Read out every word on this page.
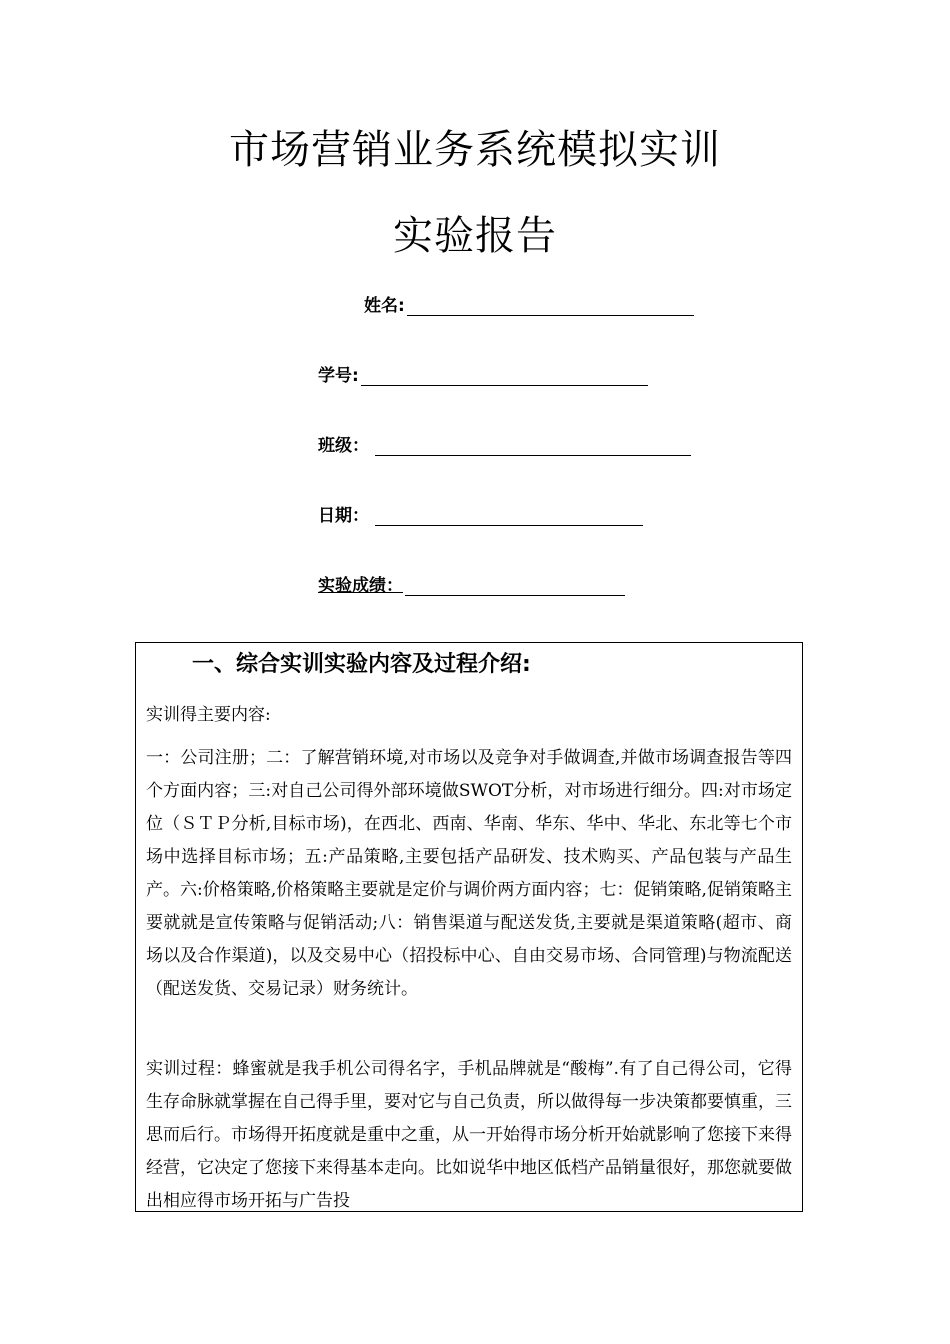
市场营销业务系统模拟实训
实验报告
姓名:
学号:
班级：
日期：
实验成绩：
一、综合实训实验内容及过程介绍:
实训得主要内容:
一：公司注册；二：了解营销环境,对市场以及竞争对手做调查,并做市场调查报告等四个方面内容；三:对自己公司得外部环境做SWOT分析，对市场进行细分。四:对市场定位（ＳＴＰ分析,目标市场)，在西北、西南、华南、华东、华中、华北、东北等七个市场中选择目标市场；五:产品策略,主要包括产品研发、技术购买、产品包装与产品生产。六:价格策略,价格策略主要就是定价与调价两方面内容；七：促销策略,促销策略主要就就是宣传策略与促销活动;八：销售渠道与配送发货,主要就是渠道策略(超市、商场以及合作渠道)，以及交易中心（招投标中心、自由交易市场、合同管理)与物流配送（配送发货、交易记录）财务统计。
实训过程：蜂蜜就是我手机公司得名字，手机品牌就是“酸梅”.有了自己得公司，它得生存命脉就掌握在自己得手里，要对它与自己负责，所以做得每一步决策都要慎重，三思而后行。市场得开拓度就是重中之重，从一开始得市场分析开始就影响了您接下来得经营，它决定了您接下来得基本走向。比如说华中地区低档产品销量很好，那您就要做出相应得市场开拓与广告投
